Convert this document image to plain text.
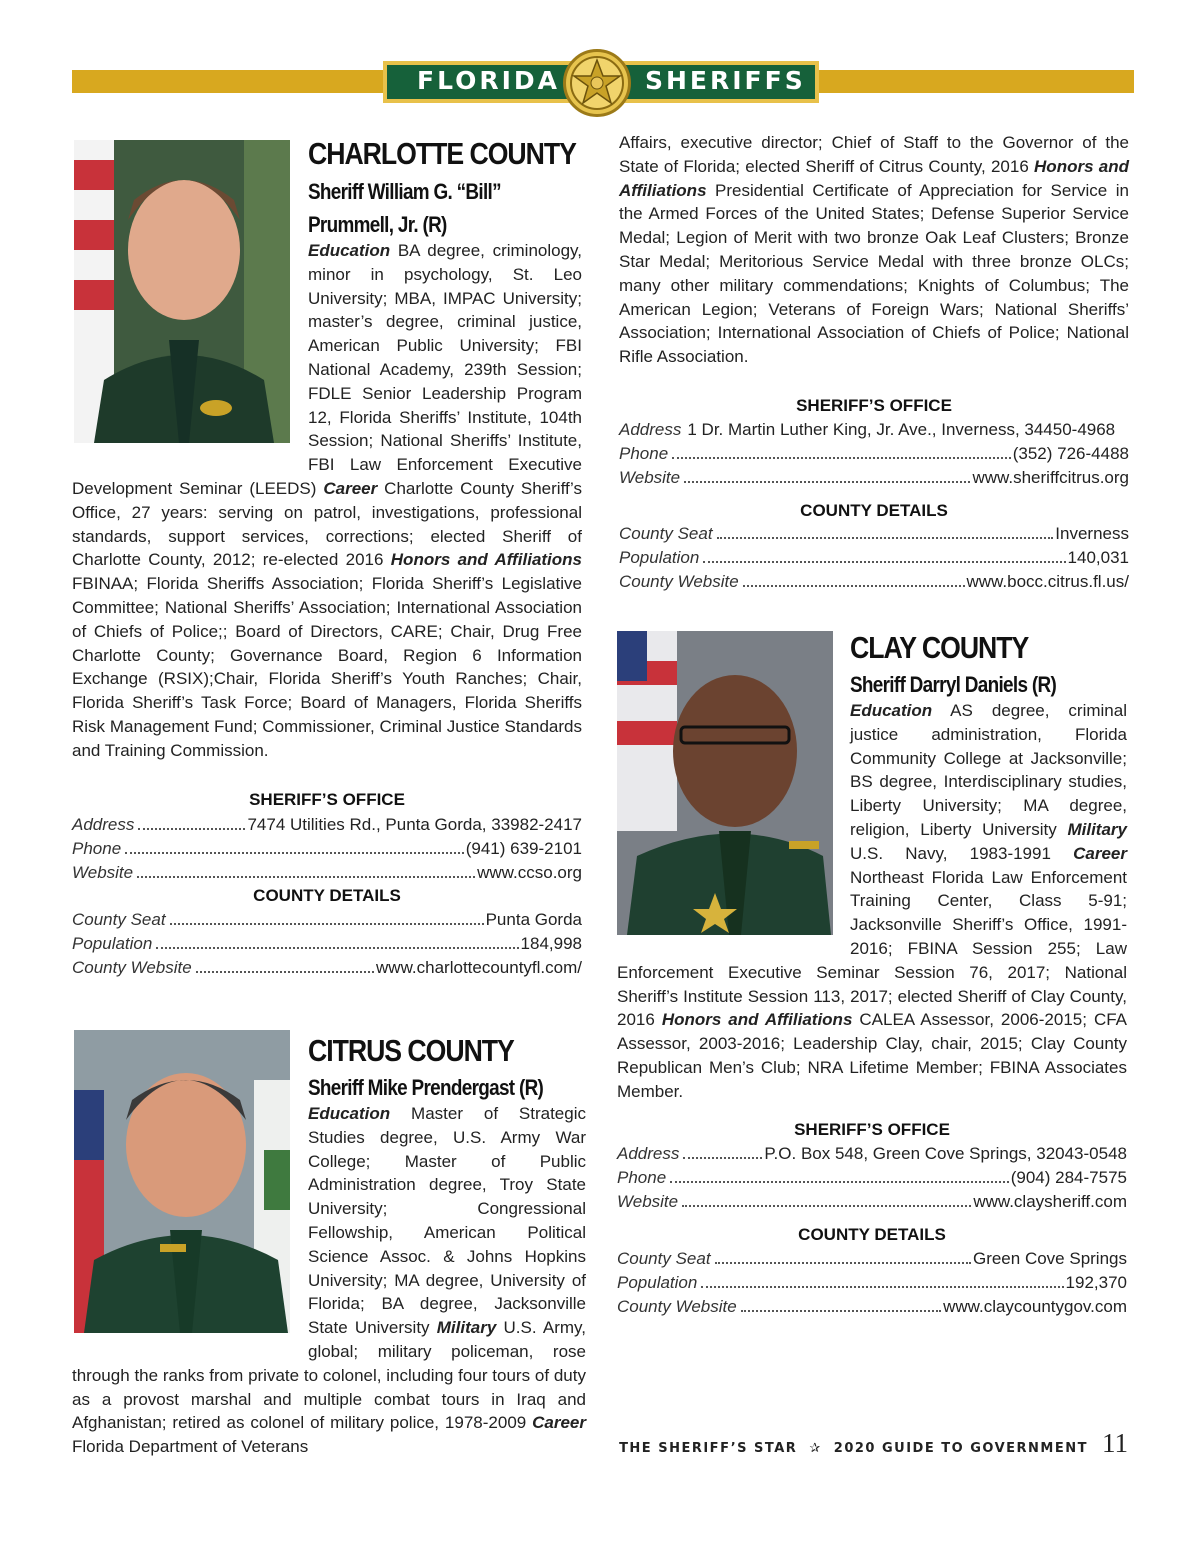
FLORIDA	SHERIFFS
CHARLOTTE COUNTY
Sheriff William G. “Bill”
Prummell, Jr. (R)
Education BA degree, criminology, minor in psychology, St. Leo University; MBA, IMPAC University; master’s degree, criminal justice, American Public University; FBI National Academy, 239th Session; FDLE Senior Leadership Program 12, Florida Sheriffs’ Institute, 104th Session; National Sheriffs’ Institute, FBI Law Enforcement Executive Development Seminar (LEEDS) Career Charlotte County Sheriff’s Office, 27 years: serving on patrol, investigations, professional standards, support services, corrections; elected Sheriff of Charlotte County, 2012; re-elected 2016 Honors and Affiliations FBINAA; Florida Sheriffs Association; Florida Sheriff’s Legislative Committee; National Sheriffs’ Association; International Association of Chiefs of Police;; Board of Directors, CARE; Chair, Drug Free Charlotte County; Governance Board, Region 6 Information Exchange (RSIX);Chair, Florida Sheriff’s Youth Ranches; Chair, Florida Sheriff’s Task Force; Board of Managers, Florida Sheriffs Risk Management Fund; Commissioner, Criminal Justice Standards and Training Commission.
SHERIFF’S OFFICE
Address	7474 Utilities Rd., Punta Gorda, 33982-2417
Phone	(941) 639-2101
Website	www.ccso.org
COUNTY DETAILS
County Seat	Punta Gorda
Population	184,998
County Website	www.charlottecountyfl.com/
CITRUS COUNTY
Sheriff Mike Prendergast (R)
Education Master of Strategic Studies degree, U.S. Army War College; Master of Public Administration degree, Troy State University; Congressional Fellowship, American Political Science Assoc. & Johns Hopkins University; MA degree, University of Florida; BA degree, Jacksonville State University Military U.S. Army, global; military policeman, rose through the ranks from private to colonel, including four tours of duty as a provost marshal and multiple combat tours in Iraq and Afghanistan; retired as colonel of military police, 1978-2009 Career Florida Department of Veterans
Affairs, executive director; Chief of Staff to the Governor of the State of Florida; elected Sheriff of Citrus County, 2016 Honors and Affiliations Presidential Certificate of Appreciation for Service in the Armed Forces of the United States; Defense Superior Service Medal; Legion of Merit with two bronze Oak Leaf Clusters; Bronze Star Medal; Meritorious Service Medal with three bronze OLCs; many other military commendations; Knights of Columbus; The American Legion; Veterans of Foreign Wars; National Sheriffs’ Association; International Association of Chiefs of Police; National Rifle Association.
SHERIFF’S OFFICE
Address 1 Dr. Martin Luther King, Jr. Ave., Inverness, 34450-4968
Phone	(352) 726-4488
Website	www.sheriffcitrus.org
COUNTY DETAILS
County Seat	Inverness
Population	140,031
County Website	www.bocc.citrus.fl.us/
CLAY COUNTY
Sheriff Darryl Daniels (R)
Education AS degree, criminal justice administration, Florida Community College at Jacksonville; BS degree, Interdisciplinary studies, Liberty University; MA degree, religion, Liberty University Military U.S. Navy, 1983-1991 Career Northeast Florida Law Enforcement Training Center, Class 5-91; Jacksonville Sheriff’s Office, 1991-2016; FBINA Session 255; Law Enforcement Executive Seminar Session 76, 2017; National Sheriff’s Institute Session 113, 2017; elected Sheriff of Clay County, 2016 Honors and Affiliations CALEA Assessor, 2006-2015; CFA Assessor, 2003-2016; Leadership Clay, chair, 2015; Clay County Republican Men’s Club; NRA Lifetime Member; FBINA Associates Member.
SHERIFF’S OFFICE
Address	P.O. Box 548, Green Cove Springs, 32043-0548
Phone	(904) 284-7575
Website	www.claysheriff.com
COUNTY DETAILS
County Seat	Green Cove Springs
Population	192,370
County Website	www.claycountygov.com
THE SHERIFF’S STAR ✰ 2020 GUIDE TO GOVERNMENT 11
